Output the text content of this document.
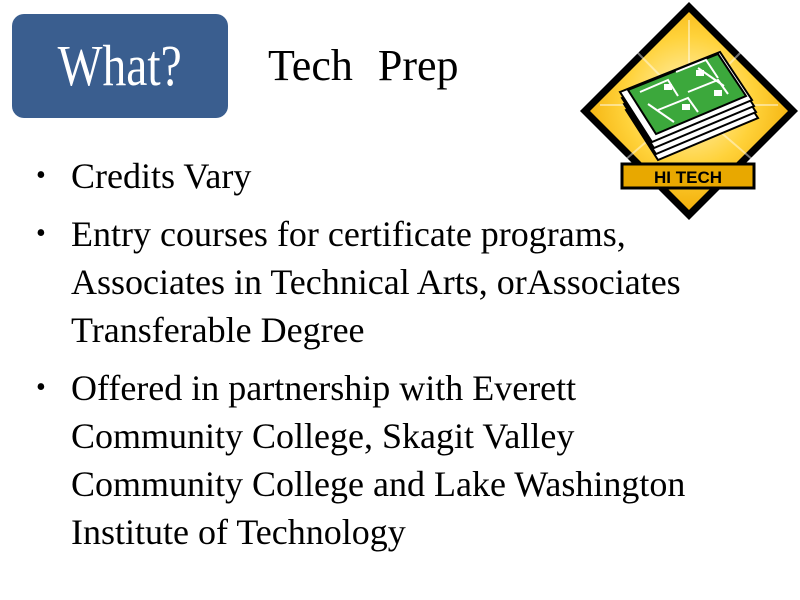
What? Tech Prep
HI TECH
• Credits Vary
• Entry courses for certificate programs,
Associates in Technical Arts, orAssociates
Transferable Degree
• Offered in partnership with Everett
Community College, Skagit Valley
Community College and Lake Washington
Institute of Technology
